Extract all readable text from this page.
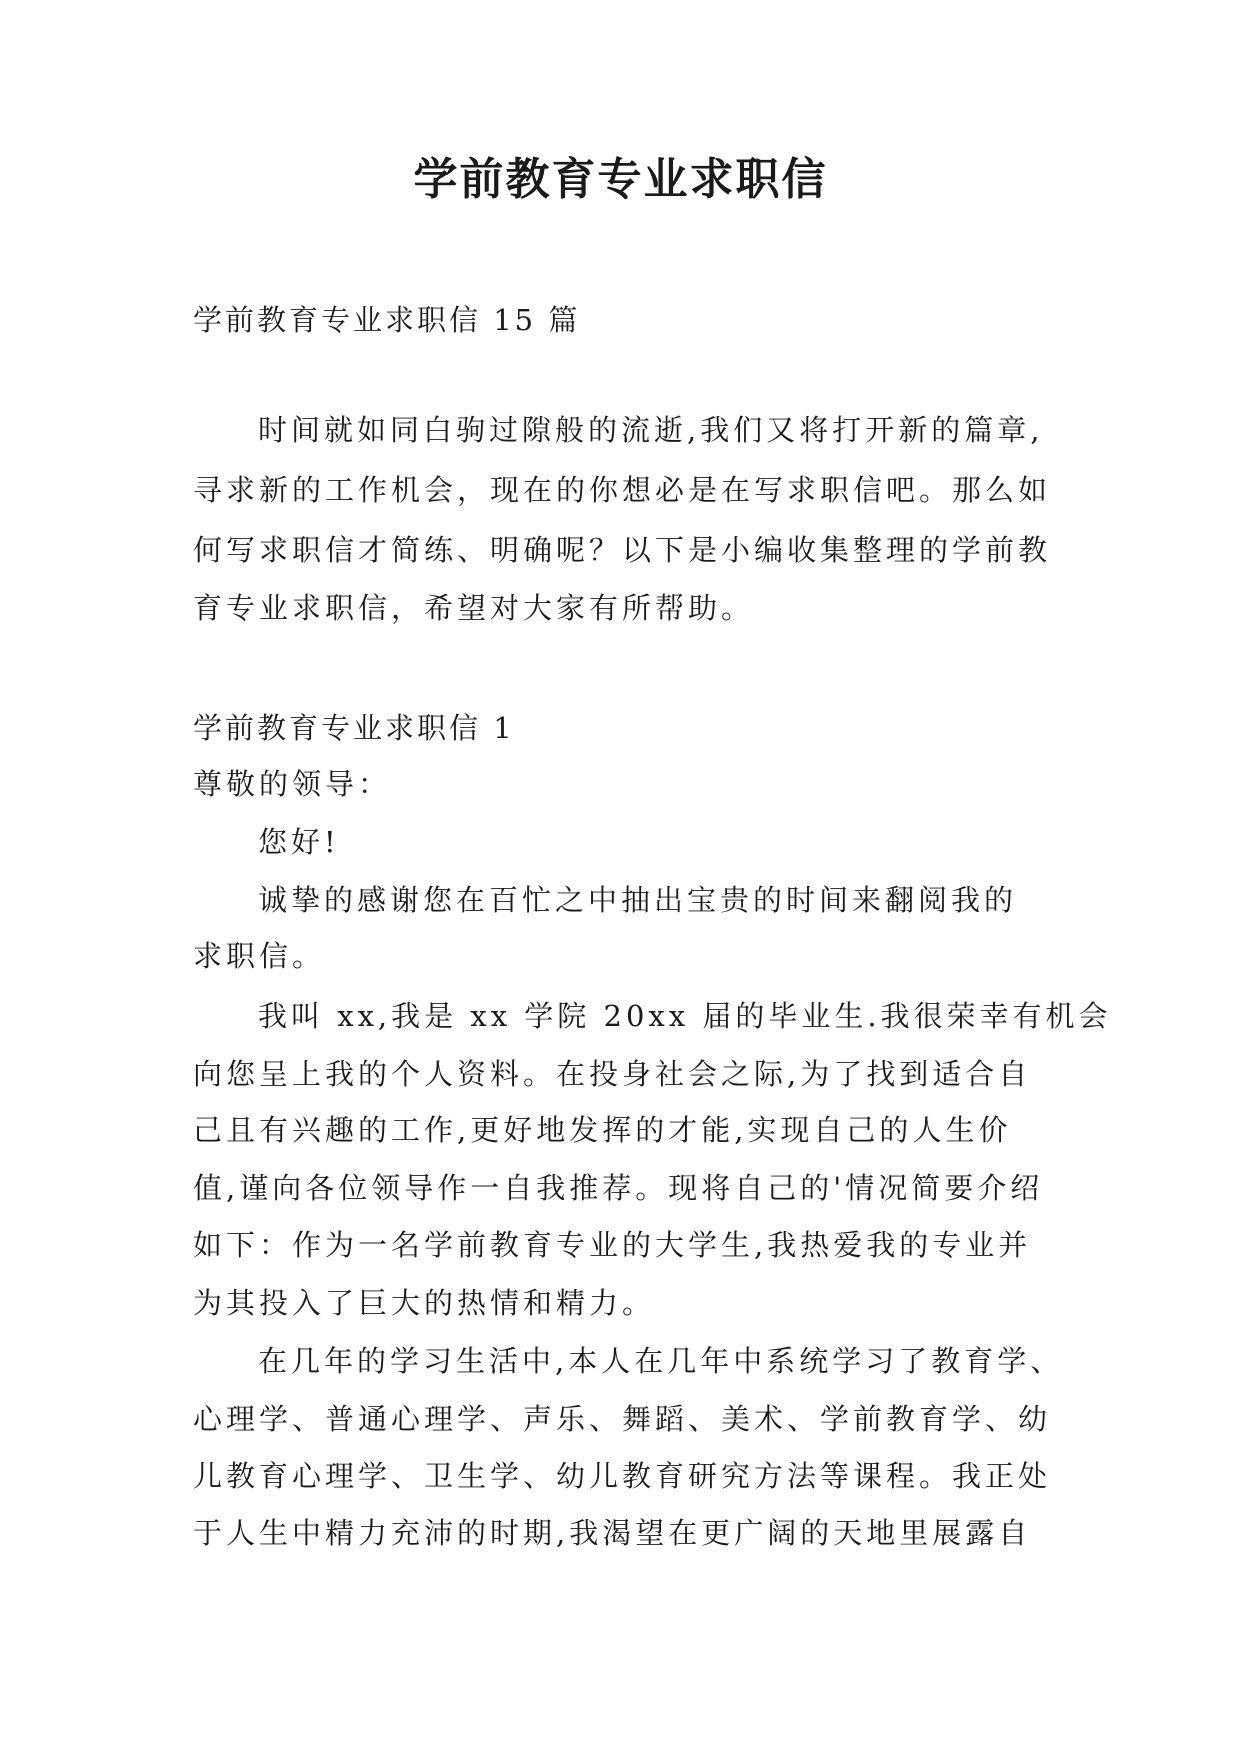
学前教育专业求职信
学前教育专业求职信 15 篇
时间就如同白驹过隙般的流逝,我们又将打开新的篇章,
寻求新的工作机会，现在的你想必是在写求职信吧。那么如
何写求职信才简练、明确呢？以下是小编收集整理的学前教
育专业求职信，希望对大家有所帮助。
学前教育专业求职信 1
尊敬的领导：
您好!
诚挚的感谢您在百忙之中抽出宝贵的时间来翻阅我的
求职信。
我叫 xx,我是 xx 学院 20xx 届的毕业生.我很荣幸有机会
向您呈上我的个人资料。在投身社会之际,为了找到适合自
己且有兴趣的工作,更好地发挥的才能,实现自己的人生价
值,谨向各位领导作一自我推荐。现将自己的'情况简要介绍
如下：作为一名学前教育专业的大学生,我热爱我的专业并
为其投入了巨大的热情和精力。
在几年的学习生活中,本人在几年中系统学习了教育学、
心理学、普通心理学、声乐、舞蹈、美术、学前教育学、幼
儿教育心理学、卫生学、幼儿教育研究方法等课程。我正处
于人生中精力充沛的时期,我渴望在更广阔的天地里展露自
